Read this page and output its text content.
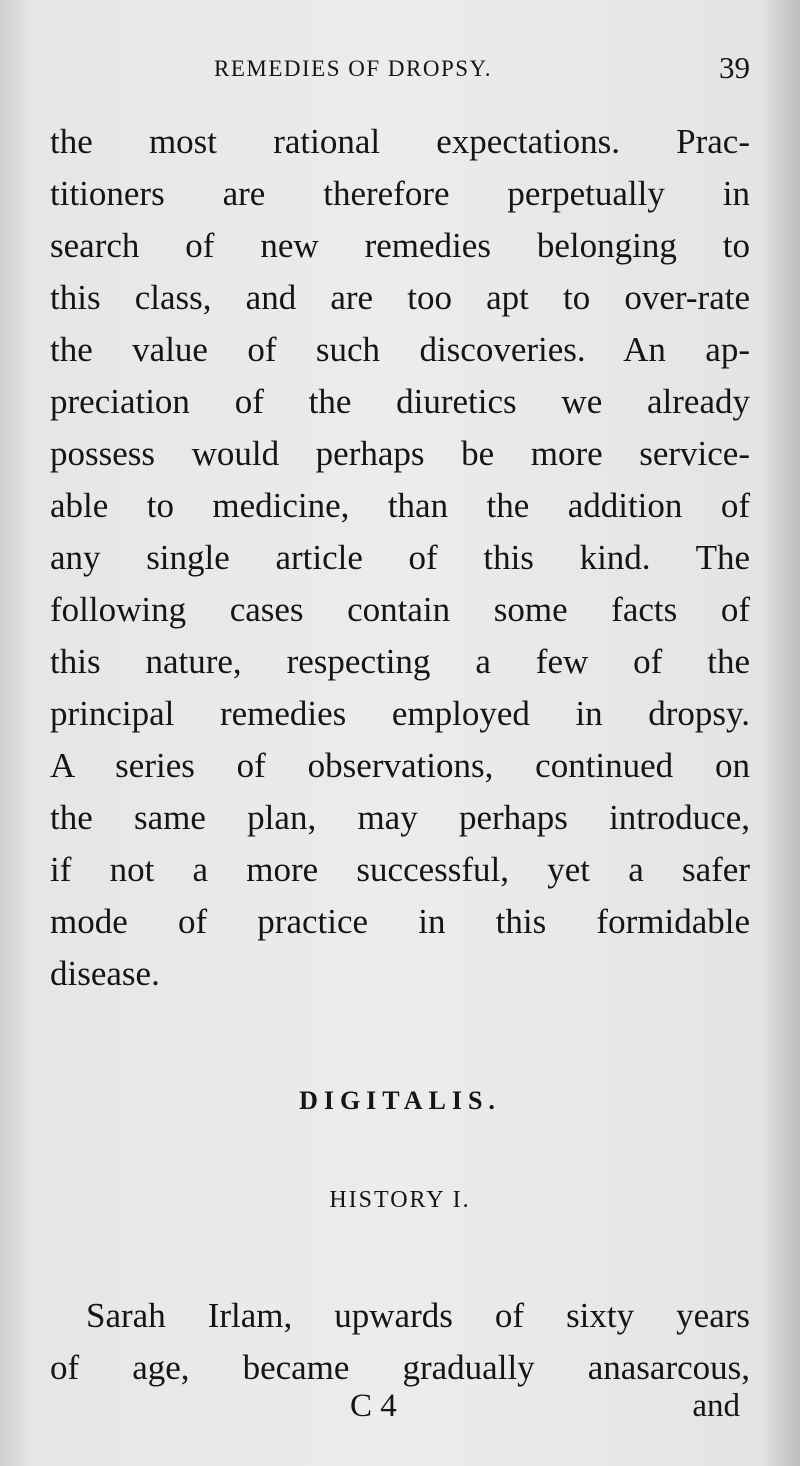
REMEDIES OF DROPSY.	39
the most rational expectations. Prac-
titioners are therefore perpetually in
search of new remedies belonging to
this class, and are too apt to over-rate
the value of such discoveries. An ap-
preciation of the diuretics we already
possess would perhaps be more service-
able to medicine, than the addition of
any single article of this kind. The
following cases contain some facts of
this nature, respecting a few of the
principal remedies employed in dropsy.
A series of observations, continued on
the same plan, may perhaps introduce,
if not a more successful, yet a safer
mode of practice in this formidable
disease.
DIGITALIS.
HISTORY I.
Sarah Irlam, upwards of sixty years
of age, became gradually anasarcous,
C 4	and
